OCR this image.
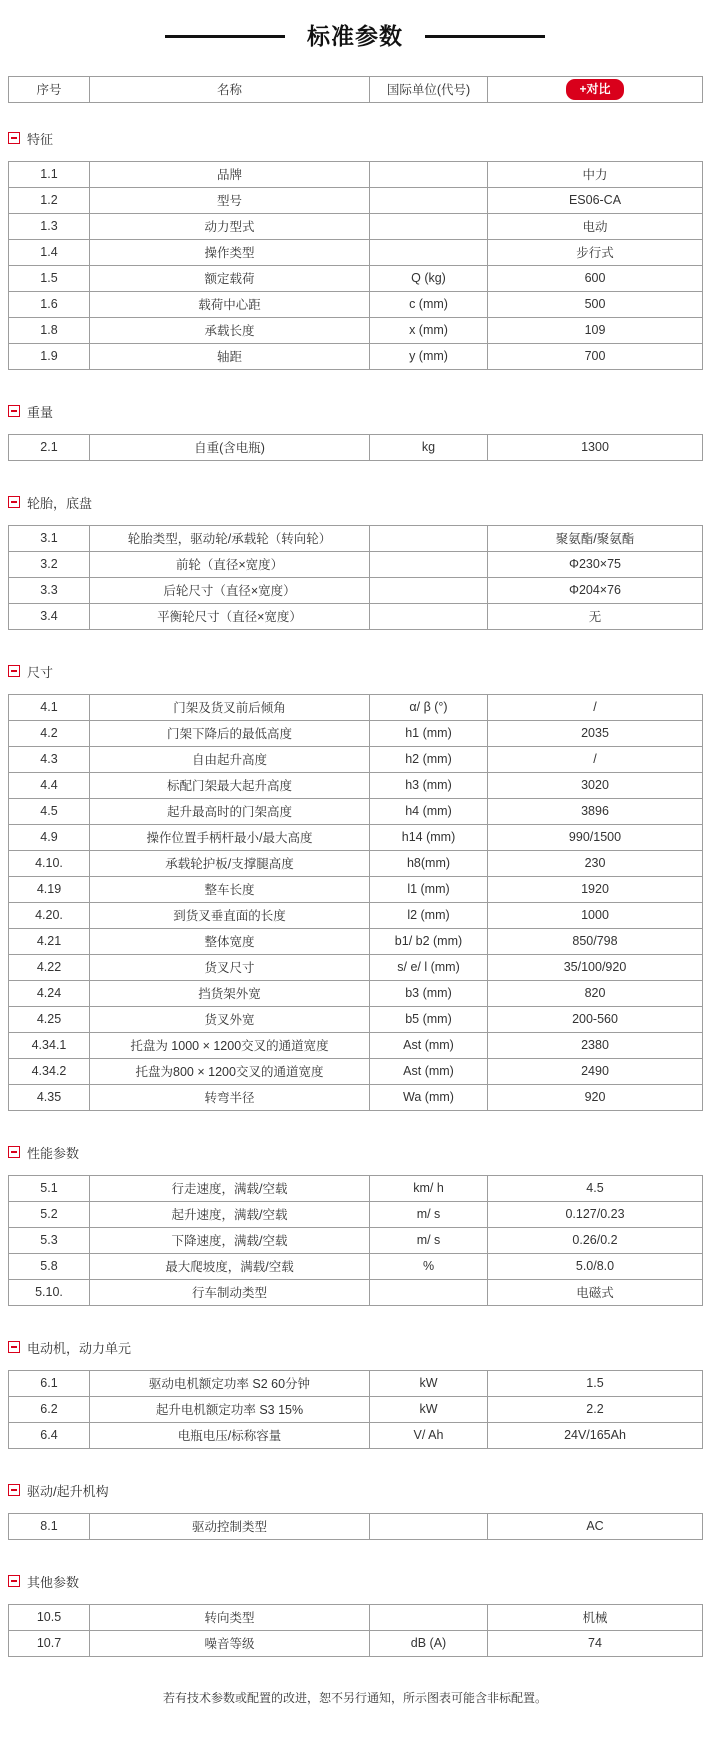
标准参数
序号	名称	国际单位(代号)	+对比
特征
1.1	品牌		中力
1.2	型号		ES06-CA
1.3	动力型式		电动
1.4	操作类型		步行式
1.5	额定载荷	Q (kg)	600
1.6	载荷中心距	c (mm)	500
1.8	承载长度	x (mm)	109
1.9	轴距	y (mm)	700
重量
2.1	自重(含电瓶)	kg	1300
轮胎，底盘
3.1	轮胎类型，驱动轮/承载轮（转向轮）		聚氨酯/聚氨酯
3.2	前轮（直径×宽度）		Φ230×75
3.3	后轮尺寸（直径×宽度）		Φ204×76
3.4	平衡轮尺寸（直径×宽度）		无
尺寸
4.1	门架及货叉前后倾角	α/ β (°)	/
4.2	门架下降后的最低高度	h1 (mm)	2035
4.3	自由起升高度	h2 (mm)	/
4.4	标配门架最大起升高度	h3 (mm)	3020
4.5	起升最高时的门架高度	h4 (mm)	3896
4.9	操作位置手柄杆最小/最大高度	h14 (mm)	990/1500
4.10.	承载轮护板/支撑腿高度	h8(mm)	230
4.19	整车长度	l1 (mm)	1920
4.20.	到货叉垂直面的长度	l2 (mm)	1000
4.21	整体宽度	b1/ b2 (mm)	850/798
4.22	货叉尺寸	s/ e/ l (mm)	35/100/920
4.24	挡货架外宽	b3 (mm)	820
4.25	货叉外宽	b5 (mm)	200-560
4.34.1	托盘为 1000 × 1200交叉的通道宽度	Ast (mm)	2380
4.34.2	托盘为800 × 1200交叉的通道宽度	Ast (mm)	2490
4.35	转弯半径	Wa (mm)	920
性能参数
5.1	行走速度，满载/空载	km/ h	4.5
5.2	起升速度，满载/空载	m/ s	0.127/0.23
5.3	下降速度，满载/空载	m/ s	0.26/0.2
5.8	最大爬坡度，满载/空载	%	5.0/8.0
5.10.	行车制动类型		电磁式
电动机，动力单元
6.1	驱动电机额定功率 S2 60分钟	kW	1.5
6.2	起升电机额定功率 S3 15%	kW	2.2
6.4	电瓶电压/标称容量	V/ Ah	24V/165Ah
驱动/起升机构
8.1	驱动控制类型		AC
其他参数
10.5	转向类型		机械
10.7	噪音等级	dB (A)	74

若有技术参数或配置的改进，恕不另行通知，所示图表可能含非标配置。
